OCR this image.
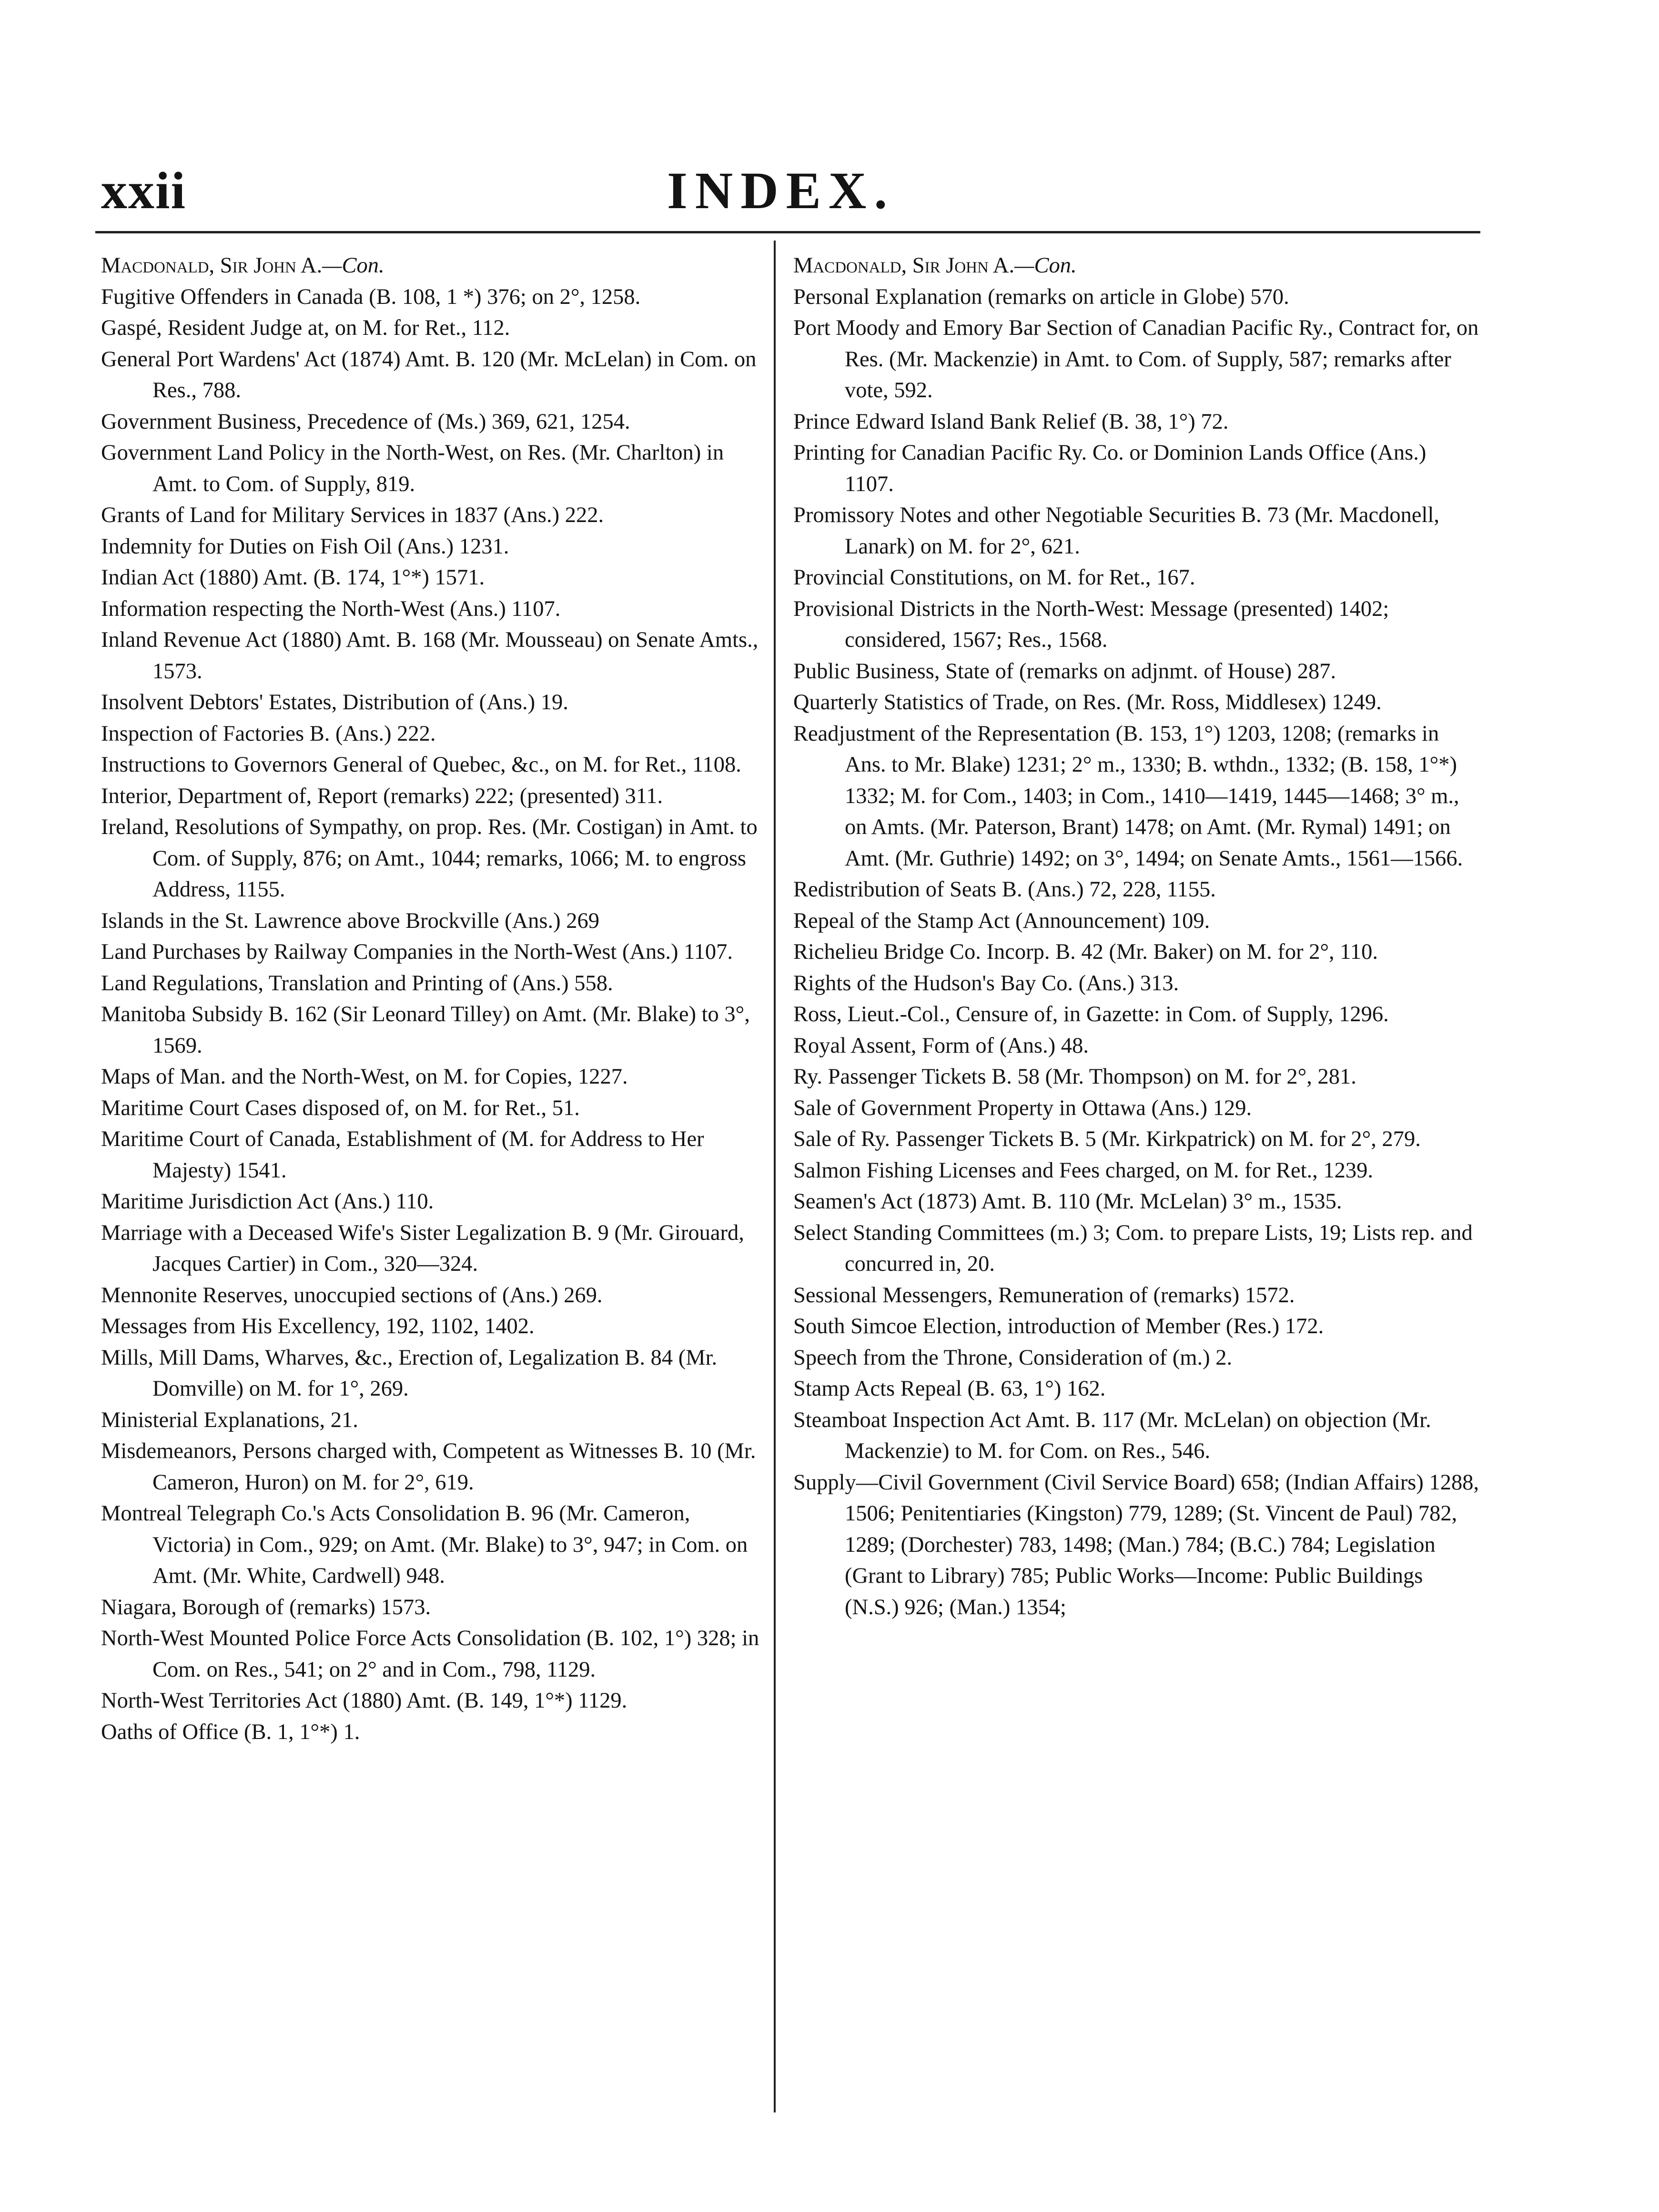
xxii	INDEX.
Macdonald, Sir John A.—Con.
Fugitive Offenders in Canada (B. 108, 1 *) 376; on 2°, 1258.
Gaspé, Resident Judge at, on M. for Ret., 112.
General Port Wardens' Act (1874) Amt. B. 120 (Mr. McLelan) in Com. on Res., 788.
Government Business, Precedence of (Ms.) 369, 621, 1254.
Government Land Policy in the North-West, on Res. (Mr. Charlton) in Amt. to Com. of Supply, 819.
Grants of Land for Military Services in 1837 (Ans.) 222.
Indemnity for Duties on Fish Oil (Ans.) 1231.
Indian Act (1880) Amt. (B. 174, 1°*) 1571.
Information respecting the North-West (Ans.) 1107.
Inland Revenue Act (1880) Amt. B. 168 (Mr. Mousseau) on Senate Amts., 1573.
Insolvent Debtors' Estates, Distribution of (Ans.) 19.
Inspection of Factories B. (Ans.) 222.
Instructions to Governors General of Quebec, &c., on M. for Ret., 1108.
Interior, Department of, Report (remarks) 222; (presented) 311.
Ireland, Resolutions of Sympathy, on prop. Res. (Mr. Costigan) in Amt. to Com. of Supply, 876; on Amt., 1044; remarks, 1066; M. to engross Address, 1155.
Islands in the St. Lawrence above Brockville (Ans.) 269
Land Purchases by Railway Companies in the North-West (Ans.) 1107.
Land Regulations, Translation and Printing of (Ans.) 558.
Manitoba Subsidy B. 162 (Sir Leonard Tilley) on Amt. (Mr. Blake) to 3°, 1569.
Maps of Man. and the North-West, on M. for Copies, 1227.
Maritime Court Cases disposed of, on M. for Ret., 51.
Maritime Court of Canada, Establishment of (M. for Address to Her Majesty) 1541.
Maritime Jurisdiction Act (Ans.) 110.
Marriage with a Deceased Wife's Sister Legalization B. 9 (Mr. Girouard, Jacques Cartier) in Com., 320—324.
Mennonite Reserves, unoccupied sections of (Ans.) 269.
Messages from His Excellency, 192, 1102, 1402.
Mills, Mill Dams, Wharves, &c., Erection of, Legalization B. 84 (Mr. Domville) on M. for 1°, 269.
Ministerial Explanations, 21.
Misdemeanors, Persons charged with, Competent as Witnesses B. 10 (Mr. Cameron, Huron) on M. for 2°, 619.
Montreal Telegraph Co.'s Acts Consolidation B. 96 (Mr. Cameron, Victoria) in Com., 929; on Amt. (Mr. Blake) to 3°, 947; in Com. on Amt. (Mr. White, Cardwell) 948.
Niagara, Borough of (remarks) 1573.
North-West Mounted Police Force Acts Consolidation (B. 102, 1°) 328; in Com. on Res., 541; on 2° and in Com., 798, 1129.
North-West Territories Act (1880) Amt. (B. 149, 1°*) 1129.
Oaths of Office (B. 1, 1°*) 1.
Macdonald, Sir John A.—Con.
Personal Explanation (remarks on article in Globe) 570.
Port Moody and Emory Bar Section of Canadian Pacific Ry., Contract for, on Res. (Mr. Mackenzie) in Amt. to Com. of Supply, 587; remarks after vote, 592.
Prince Edward Island Bank Relief (B. 38, 1°) 72.
Printing for Canadian Pacific Ry. Co. or Dominion Lands Office (Ans.) 1107.
Promissory Notes and other Negotiable Securities B. 73 (Mr. Macdonell, Lanark) on M. for 2°, 621.
Provincial Constitutions, on M. for Ret., 167.
Provisional Districts in the North-West: Message (presented) 1402; considered, 1567; Res., 1568.
Public Business, State of (remarks on adjnmt. of House) 287.
Quarterly Statistics of Trade, on Res. (Mr. Ross, Middlesex) 1249.
Readjustment of the Representation (B. 153, 1°) 1203, 1208; (remarks in Ans. to Mr. Blake) 1231; 2° m., 1330; B. wthdn., 1332; (B. 158, 1°*) 1332; M. for Com., 1403; in Com., 1410—1419, 1445—1468; 3° m., on Amts. (Mr. Paterson, Brant) 1478; on Amt. (Mr. Rymal) 1491; on Amt. (Mr. Guthrie) 1492; on 3°, 1494; on Senate Amts., 1561—1566.
Redistribution of Seats B. (Ans.) 72, 228, 1155.
Repeal of the Stamp Act (Announcement) 109.
Richelieu Bridge Co. Incorp. B. 42 (Mr. Baker) on M. for 2°, 110.
Rights of the Hudson's Bay Co. (Ans.) 313.
Ross, Lieut.-Col., Censure of, in Gazette: in Com. of Supply, 1296.
Royal Assent, Form of (Ans.) 48.
Ry. Passenger Tickets B. 58 (Mr. Thompson) on M. for 2°, 281.
Sale of Government Property in Ottawa (Ans.) 129.
Sale of Ry. Passenger Tickets B. 5 (Mr. Kirkpatrick) on M. for 2°, 279.
Salmon Fishing Licenses and Fees charged, on M. for Ret., 1239.
Seamen's Act (1873) Amt. B. 110 (Mr. McLelan) 3° m., 1535.
Select Standing Committees (m.) 3; Com. to prepare Lists, 19; Lists rep. and concurred in, 20.
Sessional Messengers, Remuneration of (remarks) 1572.
South Simcoe Election, introduction of Member (Res.) 172.
Speech from the Throne, Consideration of (m.) 2.
Stamp Acts Repeal (B. 63, 1°) 162.
Steamboat Inspection Act Amt. B. 117 (Mr. McLelan) on objection (Mr. Mackenzie) to M. for Com. on Res., 546.
Supply—Civil Government (Civil Service Board) 658; (Indian Affairs) 1288, 1506; Penitentiaries (Kingston) 779, 1289; (St. Vincent de Paul) 782, 1289; (Dorchester) 783, 1498; (Man.) 784; (B.C.) 784; Legislation (Grant to Library) 785; Public Works—Income: Public Buildings (N.S.) 926; (Man.) 1354;
